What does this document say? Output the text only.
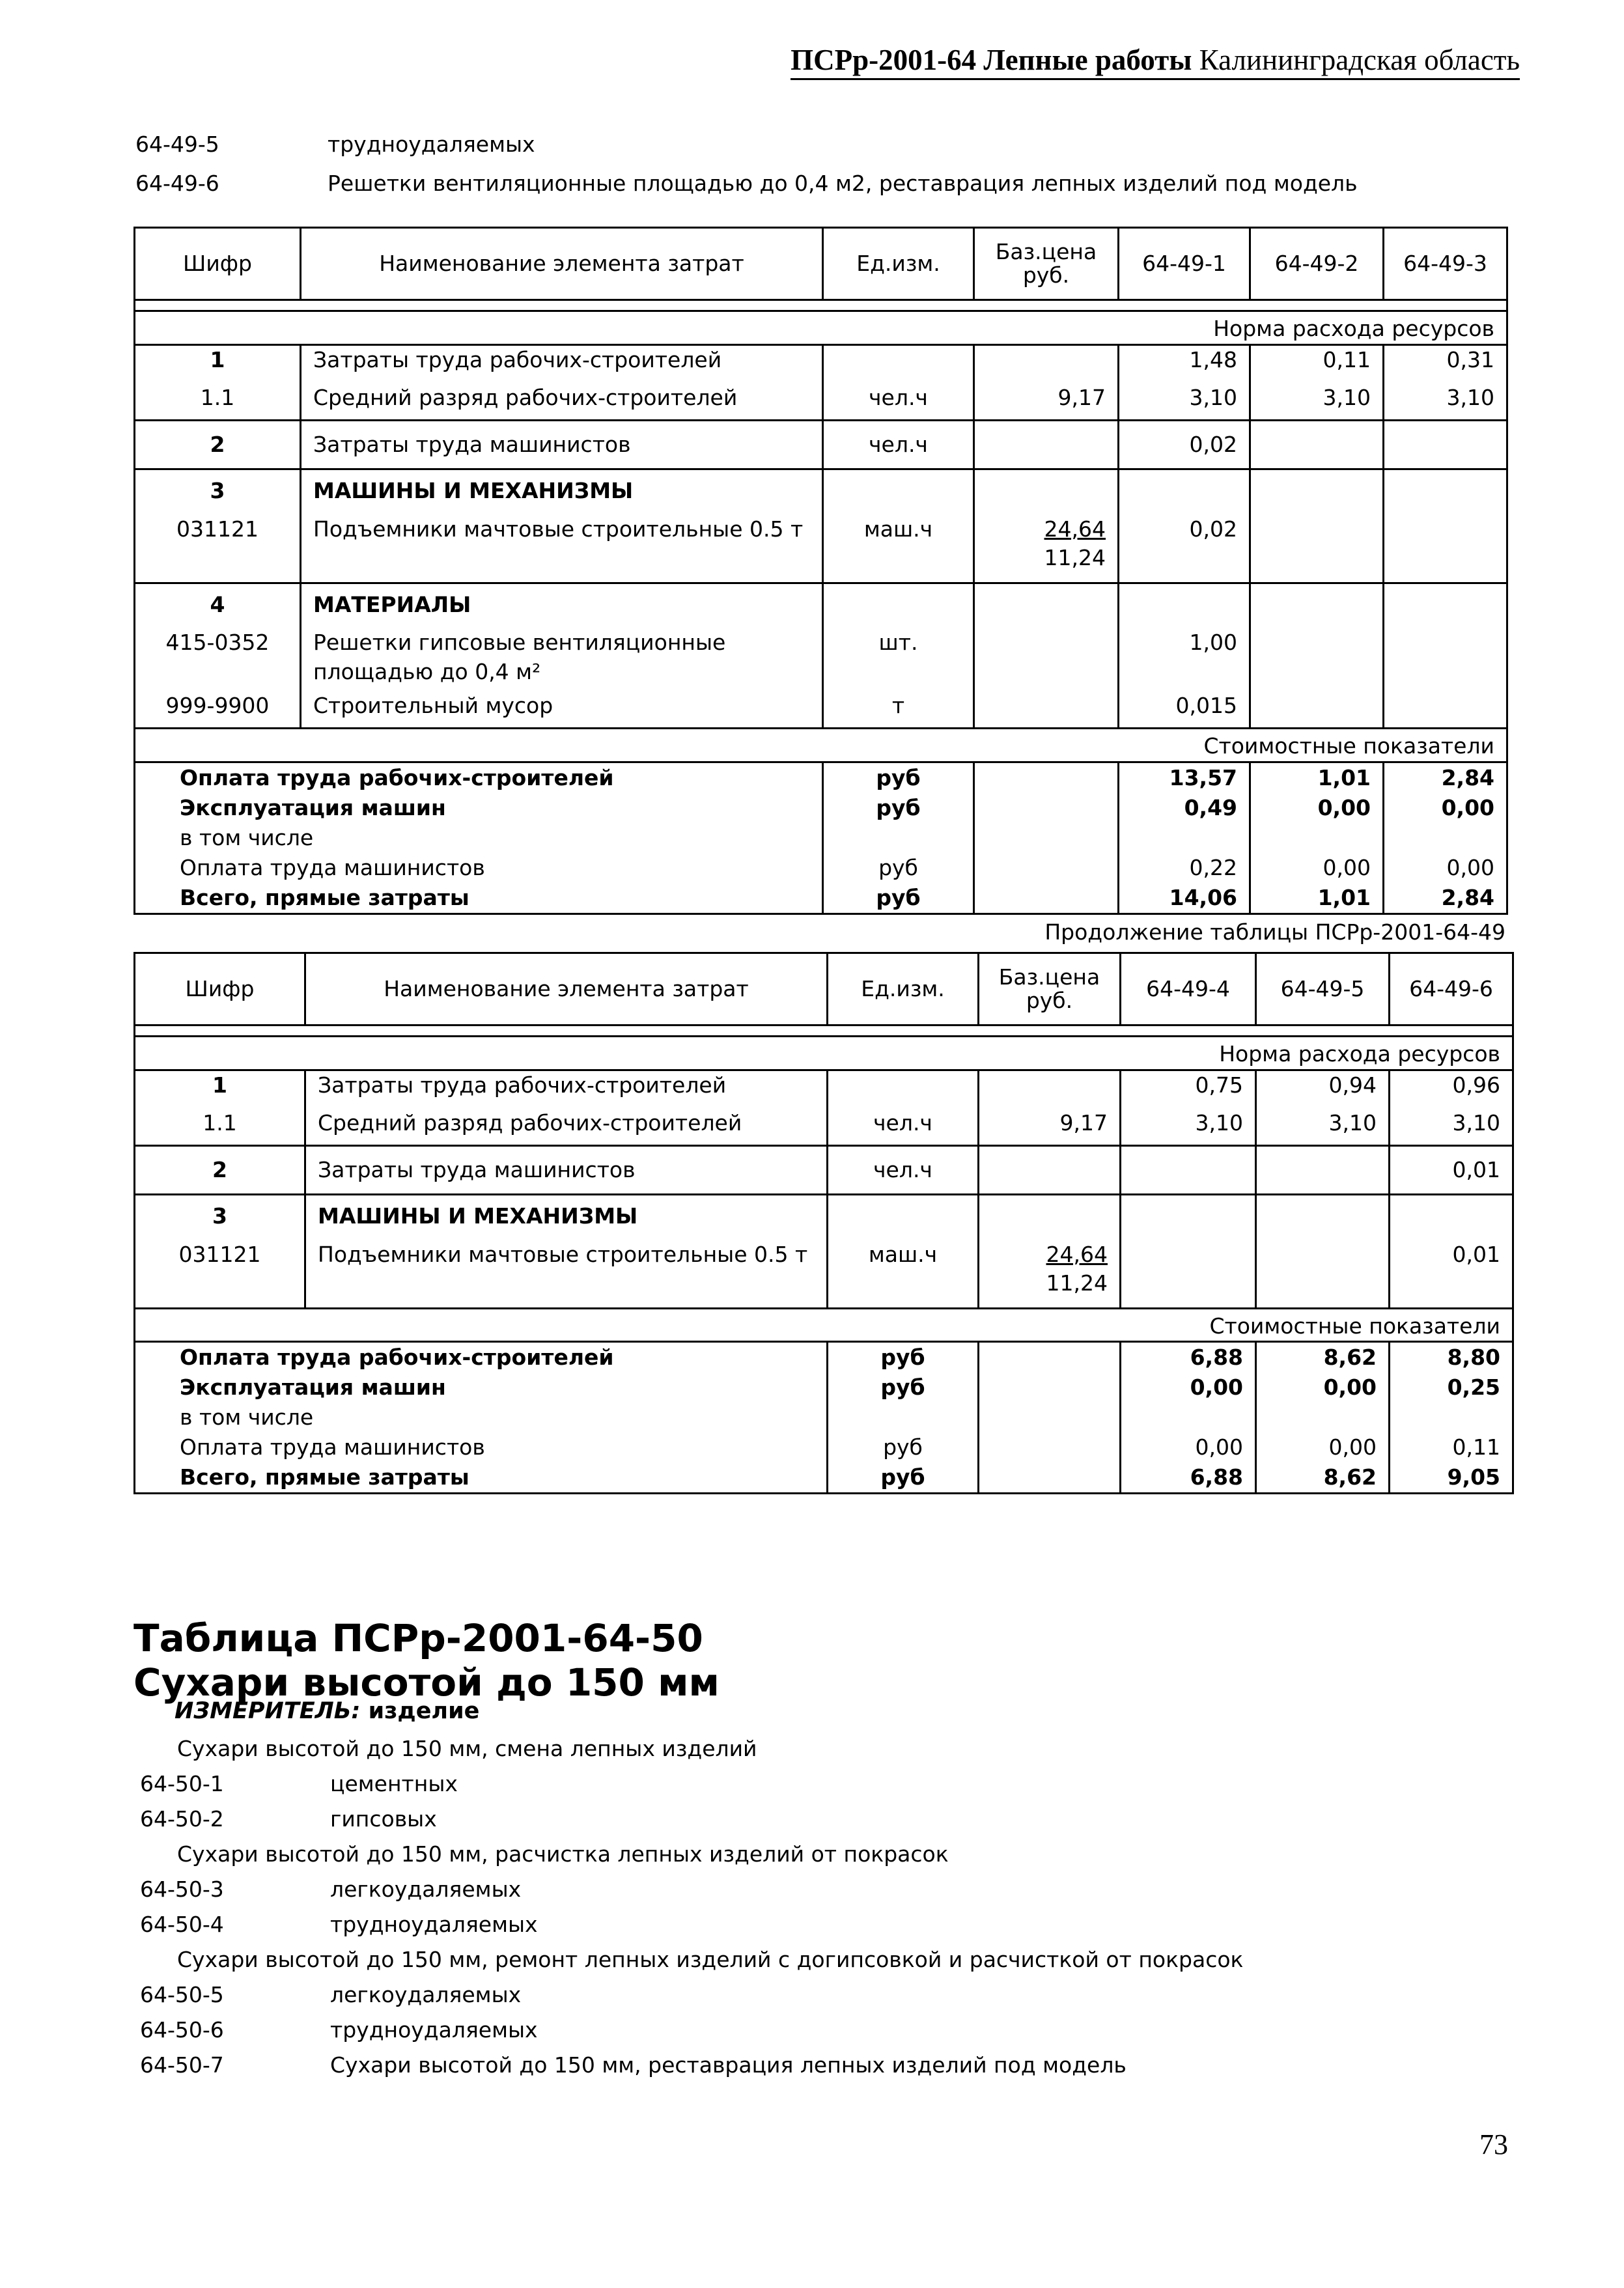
ПСРр-2001-64 Лепные работы Калининградская область
64-49-5	трудноудаляемых
64-49-6	Решетки вентиляционные площадью до 0,4 м2, реставрация лепных изделий под модель
Шифр	Наименование элемента затрат	Ед.изм.	Баз.цена руб.	64-49-1	64-49-2	64-49-3

Норма расхода ресурсов						
1	Затраты труда рабочих-строителей			1,48	0,11	0,31
1.1	Средний разряд рабочих-строителей	чел.ч	9,17	3,10	3,10	3,10
2	Затраты труда машинистов	чел.ч		0,02		
3	МАШИНЫ И МЕХАНИЗМЫ					
031121	Подъемники мачтовые строительные 0.5 т	маш.ч	24,64	0,02		
			11,24			
4	МАТЕРИАЛЫ					
415-0352	Решетки гипсовые вентиляционные	шт.		1,00		
	площадью до 0,4 м²					
999-9900	Строительный мусор	т		0,015		
Стоимостные показатели						
Оплата труда рабочих-строителей		руб		13,57	1,01	2,84
Эксплуатация машин		руб		0,49	0,00	0,00
в том числе						
Оплата труда машинистов		руб		0,22	0,00	0,00
Всего, прямые затраты		руб		14,06	1,01	2,84
Продолжение таблицы ПСРр-2001-64-49
Шифр	Наименование элемента затрат	Ед.изм.	Баз.цена руб.	64-49-4	64-49-5	64-49-6

Норма расхода ресурсов						
1	Затраты труда рабочих-строителей			0,75	0,94	0,96
1.1	Средний разряд рабочих-строителей	чел.ч	9,17	3,10	3,10	3,10
2	Затраты труда машинистов	чел.ч				0,01
3	МАШИНЫ И МЕХАНИЗМЫ					
031121	Подъемники мачтовые строительные 0.5 т	маш.ч	24,64			0,01
			11,24			
Стоимостные показатели						
Оплата труда рабочих-строителей		руб		6,88	8,62	8,80
Эксплуатация машин		руб		0,00	0,00	0,25
в том числе						
Оплата труда машинистов		руб		0,00	0,00	0,11
Всего, прямые затраты		руб		6,88	8,62	9,05
Таблица ПСРр-2001-64-50
Сухари высотой до 150 мм
ИЗМЕРИТЕЛЬ: изделие
Сухари высотой до 150 мм, смена лепных изделий
64-50-1	цементных
64-50-2	гипсовых
Сухари высотой до 150 мм, расчистка лепных изделий от покрасок
64-50-3	легкоудаляемых
64-50-4	трудноудаляемых
Сухари высотой до 150 мм, ремонт лепных изделий с догипсовкой и расчисткой от покрасок
64-50-5	легкоудаляемых
64-50-6	трудноудаляемых
64-50-7	Сухари высотой до 150 мм, реставрация лепных изделий под модель
73
